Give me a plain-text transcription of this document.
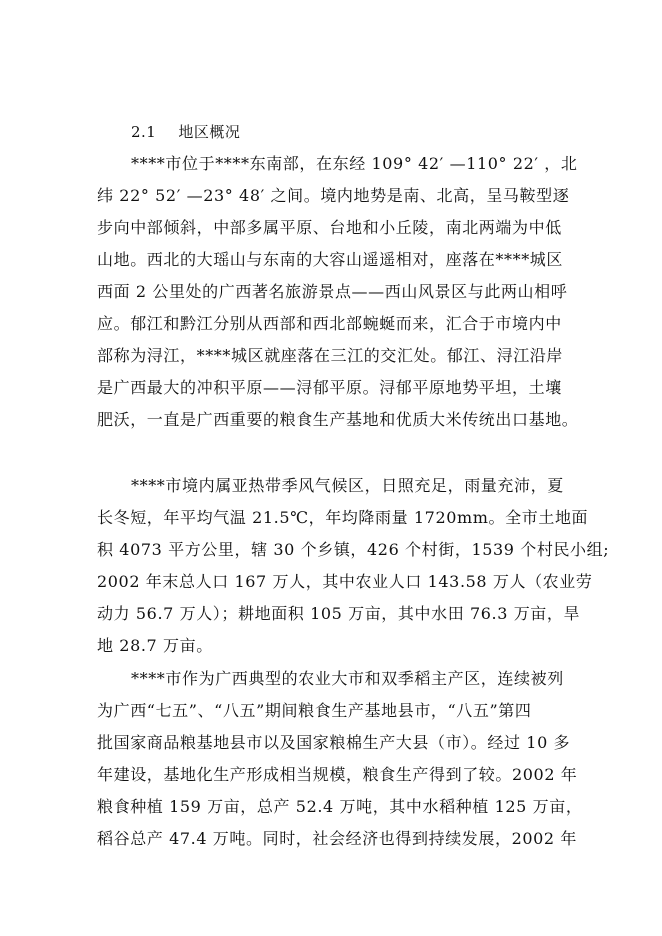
2.1 地区概况
****市位于****东南部，在东经 109° 42′ —110° 22′ ，北
纬 22° 52′ —23° 48′ 之间。境内地势是南、北高，呈马鞍型逐
步向中部倾斜，中部多属平原、台地和小丘陵，南北两端为中低
山地。西北的大瑶山与东南的大容山遥遥相对，座落在****城区
西面 2 公里处的广西著名旅游景点——西山风景区与此两山相呼
应。郁江和黔江分别从西部和西北部蜿蜒而来，汇合于市境内中
部称为浔江，****城区就座落在三江的交汇处。郁江、浔江沿岸
是广西最大的冲积平原——浔郁平原。浔郁平原地势平坦，土壤
肥沃，一直是广西重要的粮食生产基地和优质大米传统出口基地。
****市境内属亚热带季风气候区，日照充足，雨量充沛，夏
长冬短，年平均气温 21.5℃，年均降雨量 1720mm。全市土地面
积 4073 平方公里，辖 30 个乡镇，426 个村街，1539 个村民小组;
2002 年末总人口 167 万人，其中农业人口 143.58 万人（农业劳
动力 56.7 万人）；耕地面积 105 万亩，其中水田 76.3 万亩，旱
地 28.7 万亩。
****市作为广西典型的农业大市和双季稻主产区，连续被列
为广西“七五”、“八五”期间粮食生产基地县市，“八五”第四
批国家商品粮基地县市以及国家粮棉生产大县（市）。经过 10 多
年建设，基地化生产形成相当规模，粮食生产得到了较。2002 年
粮食种植 159 万亩，总产 52.4 万吨，其中水稻种植 125 万亩，
稻谷总产 47.4 万吨。同时，社会经济也得到持续发展，2002 年
